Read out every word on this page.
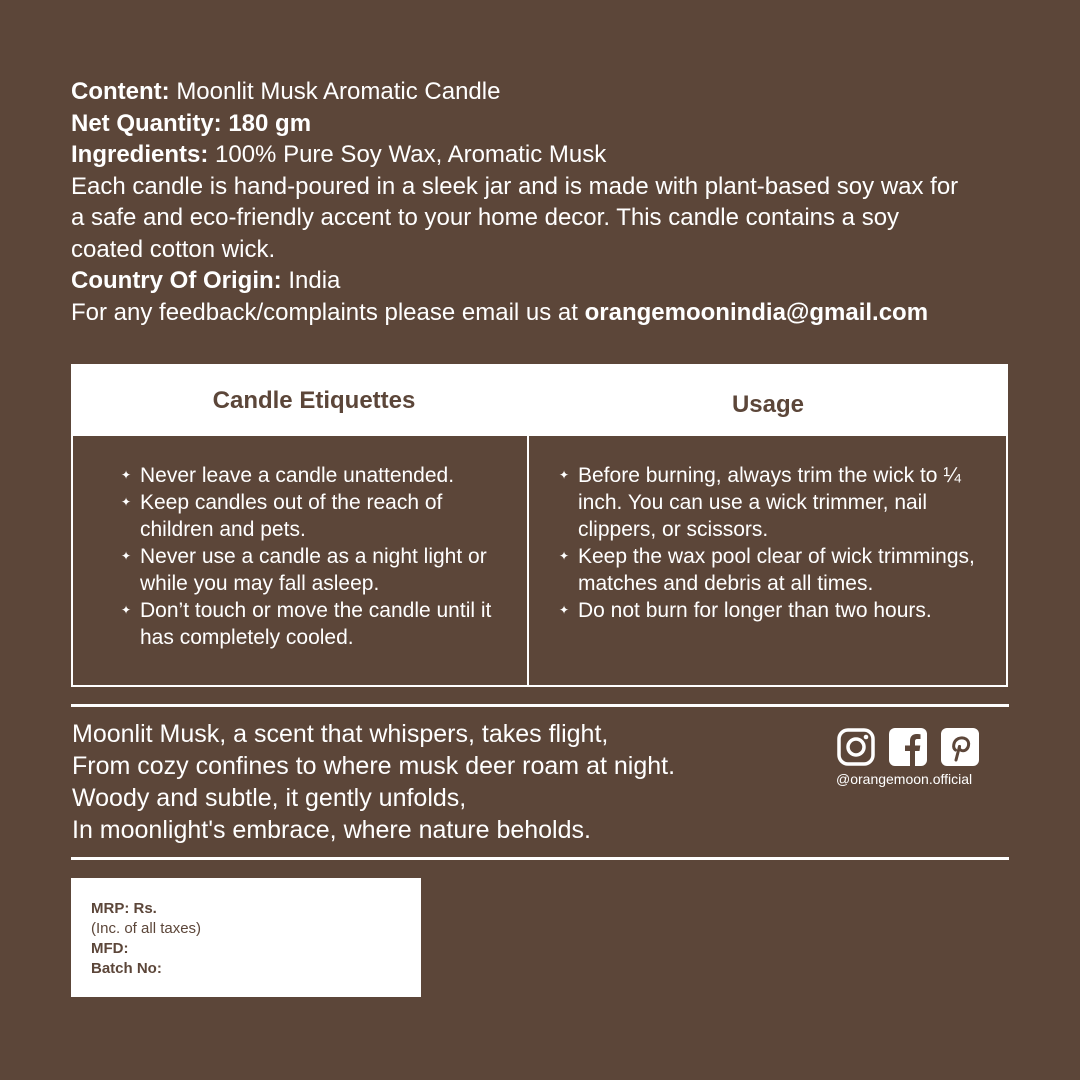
Content: Moonlit Musk Aromatic Candle
Net Quantity: 180 gm
Ingredients: 100% Pure Soy Wax, Aromatic Musk
Each candle is hand-poured in a sleek jar and is made with plant-based soy wax for a safe and eco-friendly accent to your home decor. This candle contains a soy coated cotton wick.
Country Of Origin: India
For any feedback/complaints please email us at orangemoonindia@gmail.com
Candle Etiquettes	Usage
✦ Never leave a candle unattended.
✦ Keep candles out of the reach of children and pets.
✦ Never use a candle as a night light or while you may fall asleep.
✦ Don’t touch or move the candle until it has completely cooled.
✦ Before burning, always trim the wick to ¼ inch. You can use a wick trimmer, nail clippers, or scissors.
✦ Keep the wax pool clear of wick trimmings, matches and debris at all times.
✦ Do not burn for longer than two hours.
Moonlit Musk, a scent that whispers, takes flight,
From cozy confines to where musk deer roam at night.
Woody and subtle, it gently unfolds,
In moonlight's embrace, where nature beholds.
@orangemoon.official
MRP: Rs.
(Inc. of all taxes)
MFD:
Batch No:
